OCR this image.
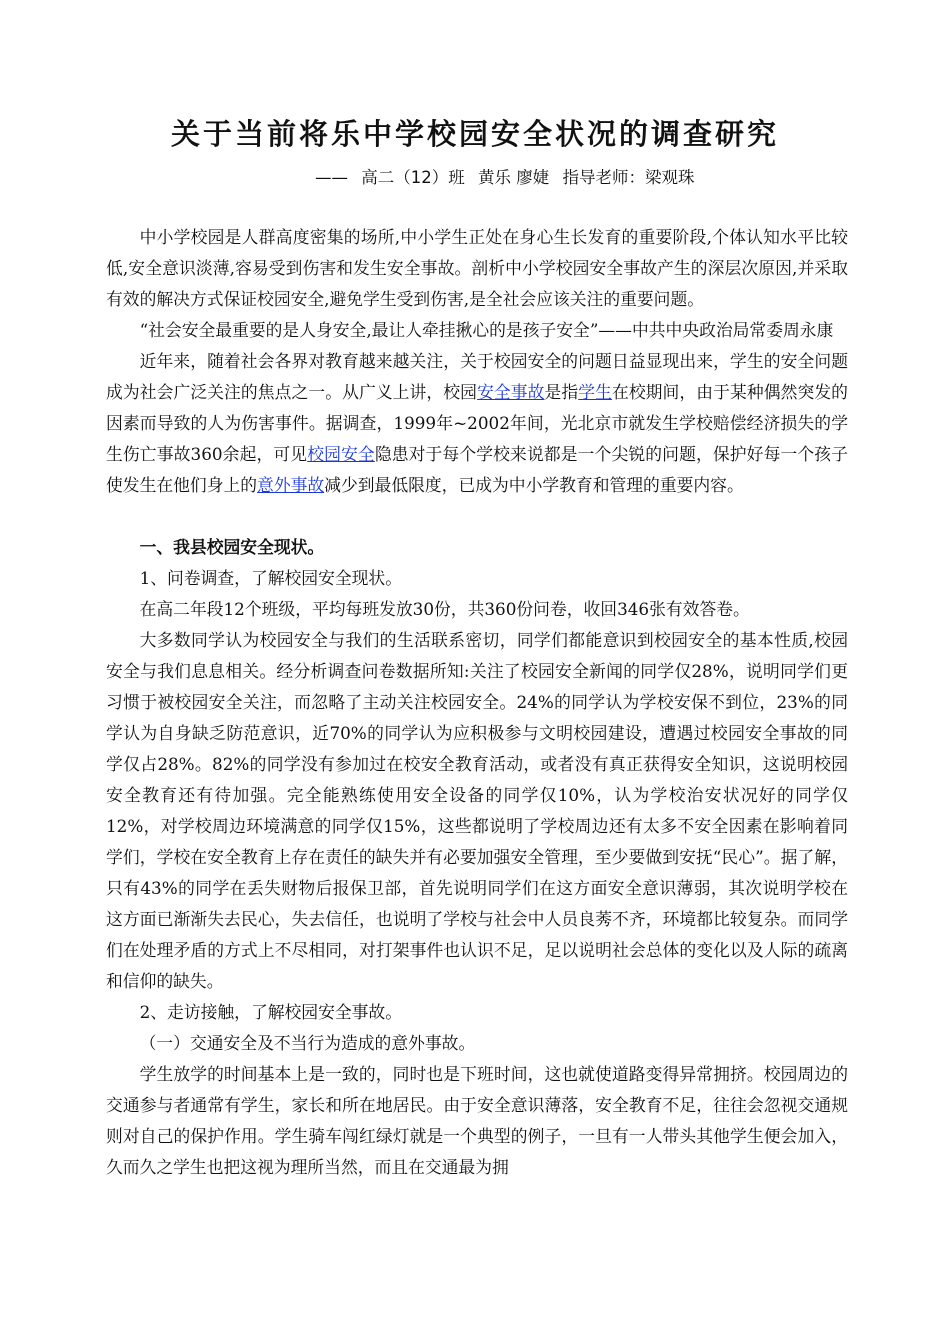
关于当前将乐中学校园安全状况的调查研究
—— 高二（12）班 黄乐 廖婕 指导老师：梁观珠

中小学校园是人群高度密集的场所,中小学生正处在身心生长发育的重要阶段,个体认知水平比较低,安全意识淡薄,容易受到伤害和发生安全事故。剖析中小学校园安全事故产生的深层次原因,并采取有效的解决方式保证校园安全,避免学生受到伤害,是全社会应该关注的重要问题。

“社会安全最重要的是人身安全,最让人牵挂揪心的是孩子安全”——中共中央政治局常委周永康

近年来，随着社会各界对教育越来越关注，关于校园安全的问题日益显现出来，学生的安全问题成为社会广泛关注的焦点之一。从广义上讲，校园安全事故是指学生在校期间，由于某种偶然突发的因素而导致的人为伤害事件。据调查，1999年~2002年间，光北京市就发生学校赔偿经济损失的学生伤亡事故360余起，可见校园安全隐患对于每个学校来说都是一个尖锐的问题，保护好每一个孩子使发生在他们身上的意外事故减少到最低限度，已成为中小学教育和管理的重要内容。

一、我县校园安全现状。

1、问卷调查，了解校园安全现状。

在高二年段12个班级，平均每班发放30份，共360份问卷，收回346张有效答卷。

大多数同学认为校园安全与我们的生活联系密切，同学们都能意识到校园安全的基本性质,校园安全与我们息息相关。经分析调查问卷数据所知:关注了校园安全新闻的同学仅28%，说明同学们更习惯于被校园安全关注，而忽略了主动关注校园安全。24%的同学认为学校安保不到位，23%的同学认为自身缺乏防范意识，近70%的同学认为应积极参与文明校园建设，遭遇过校园安全事故的同学仅占28%。82%的同学没有参加过在校安全教育活动，或者没有真正获得安全知识，这说明校园安全教育还有待加强。完全能熟练使用安全设备的同学仅10%，认为学校治安状况好的同学仅12%，对学校周边环境满意的同学仅15%，这些都说明了学校周边还有太多不安全因素在影响着同学们，学校在安全教育上存在责任的缺失并有必要加强安全管理，至少要做到安抚“民心”。据了解，只有43%的同学在丢失财物后报保卫部，首先说明同学们在这方面安全意识薄弱，其次说明学校在这方面已渐渐失去民心，失去信任，也说明了学校与社会中人员良莠不齐，环境都比较复杂。而同学们在处理矛盾的方式上不尽相同，对打架事件也认识不足，足以说明社会总体的变化以及人际的疏离和信仰的缺失。

2、走访接触，了解校园安全事故。

（一）交通安全及不当行为造成的意外事故。

学生放学的时间基本上是一致的，同时也是下班时间，这也就使道路变得异常拥挤。校园周边的交通参与者通常有学生，家长和所在地居民。由于安全意识薄落，安全教育不足，往往会忽视交通规则对自己的保护作用。学生骑车闯红绿灯就是一个典型的例子，一旦有一人带头其他学生便会加入，久而久之学生也把这视为理所当然，而且在交通最为拥
